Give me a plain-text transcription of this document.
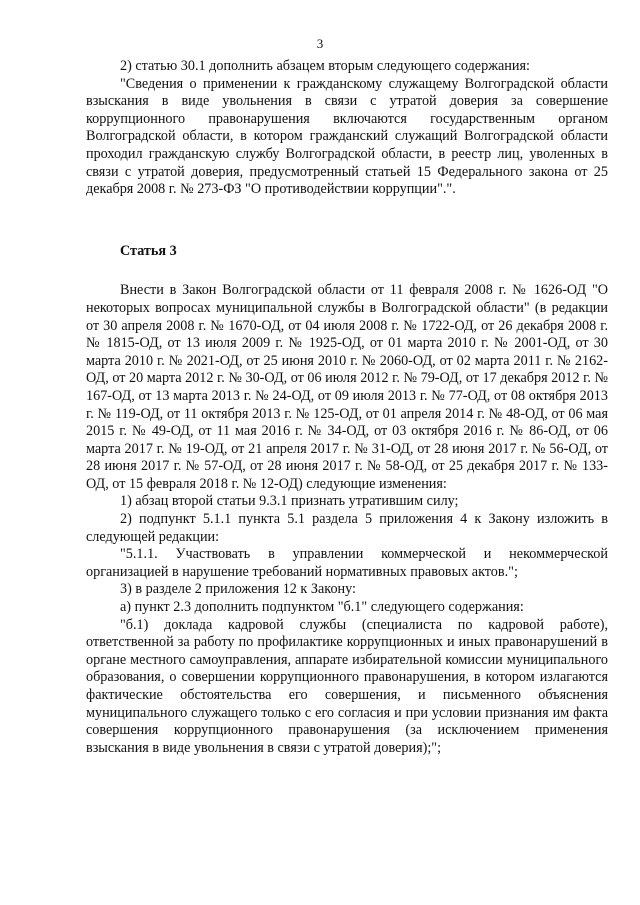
3

2) статью 30.1 дополнить абзацем вторым следующего содержания:

"Сведения о применении к гражданскому служащему Волгоградской области взыскания в виде увольнения в связи с утратой доверия за совершение коррупционного правонарушения включаются государственным органом Волгоградской области, в котором гражданский служащий Волгоградской области проходил гражданскую службу Волгоградской области, в реестр лиц, уволенных в связи с утратой доверия, предусмотренный статьей 15 Федерального закона от 25 декабря 2008 г. № 273-ФЗ "О противодействии коррупции".".

Статья 3

Внести в Закон Волгоградской области от 11 февраля 2008 г. № 1626-ОД "О некоторых вопросах муниципальной службы в Волгоградской области" (в редакции от 30 апреля 2008 г. № 1670-ОД, от 04 июля 2008 г. № 1722-ОД, от 26 декабря 2008 г. № 1815-ОД, от 13 июля 2009 г. № 1925-ОД, от 01 марта 2010 г. № 2001-ОД, от 30 марта 2010 г. № 2021-ОД, от 25 июня 2010 г. № 2060-ОД, от 02 марта 2011 г. № 2162-ОД, от 20 марта 2012 г. № 30-ОД, от 06 июля 2012 г. № 79-ОД, от 17 декабря 2012 г. № 167-ОД, от 13 марта 2013 г. № 24-ОД, от 09 июля 2013 г. № 77-ОД, от 08 октября 2013 г. № 119-ОД, от 11 октября 2013 г. № 125-ОД, от 01 апреля 2014 г. № 48-ОД, от 06 мая 2015 г. № 49-ОД, от 11 мая 2016 г. № 34-ОД, от 03 октября 2016 г. № 86-ОД, от 06 марта 2017 г. № 19-ОД, от 21 апреля 2017 г. № 31-ОД, от 28 июня 2017 г. № 56-ОД, от 28 июня 2017 г. № 57-ОД, от 28 июня 2017 г. № 58-ОД, от 25 декабря 2017 г. № 133-ОД, от 15 февраля 2018 г. № 12-ОД) следующие изменения:

1) абзац второй статьи 9.3.1 признать утратившим силу;

2) подпункт 5.1.1 пункта 5.1 раздела 5 приложения 4 к Закону изложить в следующей редакции:

"5.1.1. Участвовать в управлении коммерческой и некоммерческой организацией в нарушение требований нормативных правовых актов.";

3) в разделе 2 приложения 12 к Закону:

а) пункт 2.3 дополнить подпунктом "б.1" следующего содержания:

"б.1) доклада кадровой службы (специалиста по кадровой работе), ответственной за работу по профилактике коррупционных и иных правонарушений в органе местного самоуправления, аппарате избирательной комиссии муниципального образования, о совершении коррупционного правонарушения, в котором излагаются фактические обстоятельства его совершения, и письменного объяснения муниципального служащего только с его согласия и при условии признания им факта совершения коррупционного правонарушения (за исключением применения взыскания в виде увольнения в связи с утратой доверия);";
